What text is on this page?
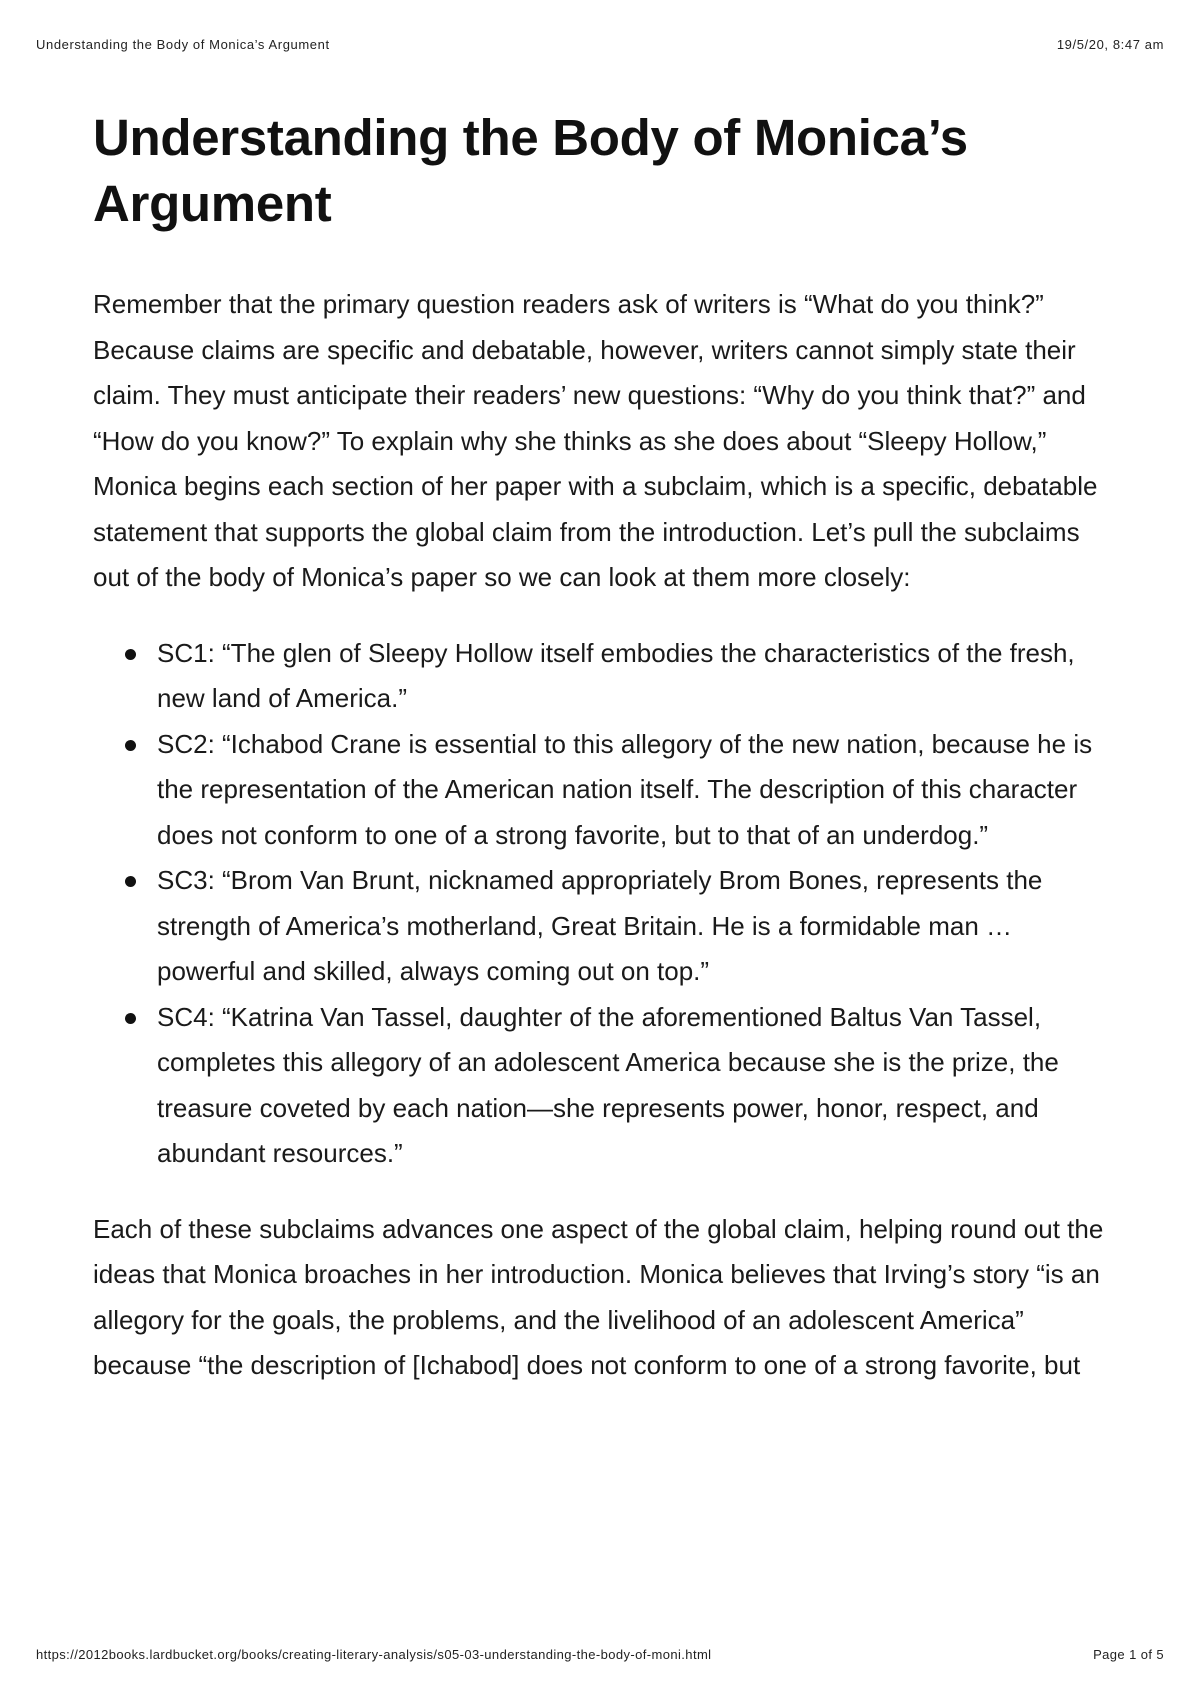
Understanding the Body of Monica’s Argument	19/5/20, 8:47 am
Understanding the Body of Monica’s Argument

Remember that the primary question readers ask of writers is “What do you think?” Because claims are specific and debatable, however, writers cannot simply state their claim. They must anticipate their readers’ new questions: “Why do you think that?” and “How do you know?” To explain why she thinks as she does about “Sleepy Hollow,” Monica begins each section of her paper with a subclaim, which is a specific, debatable statement that supports the global claim from the introduction. Let’s pull the subclaims out of the body of Monica’s paper so we can look at them more closely:

SC1: “The glen of Sleepy Hollow itself embodies the characteristics of the fresh, new land of America.”
SC2: “Ichabod Crane is essential to this allegory of the new nation, because he is the representation of the American nation itself. The description of this character does not conform to one of a strong favorite, but to that of an underdog.”
SC3: “Brom Van Brunt, nicknamed appropriately Brom Bones, represents the strength of America’s motherland, Great Britain. He is a formidable man … powerful and skilled, always coming out on top.”
SC4: “Katrina Van Tassel, daughter of the aforementioned Baltus Van Tassel, completes this allegory of an adolescent America because she is the prize, the treasure coveted by each nation—she represents power, honor, respect, and abundant resources.”

Each of these subclaims advances one aspect of the global claim, helping round out the ideas that Monica broaches in her introduction. Monica believes that Irving’s story “is an allegory for the goals, the problems, and the livelihood of an adolescent America” because “the description of [Ichabod] does not conform to one of a strong favorite, but

https://2012books.lardbucket.org/books/creating-literary-analysis/s05-03-understanding-the-body-of-moni.html	Page 1 of 5
